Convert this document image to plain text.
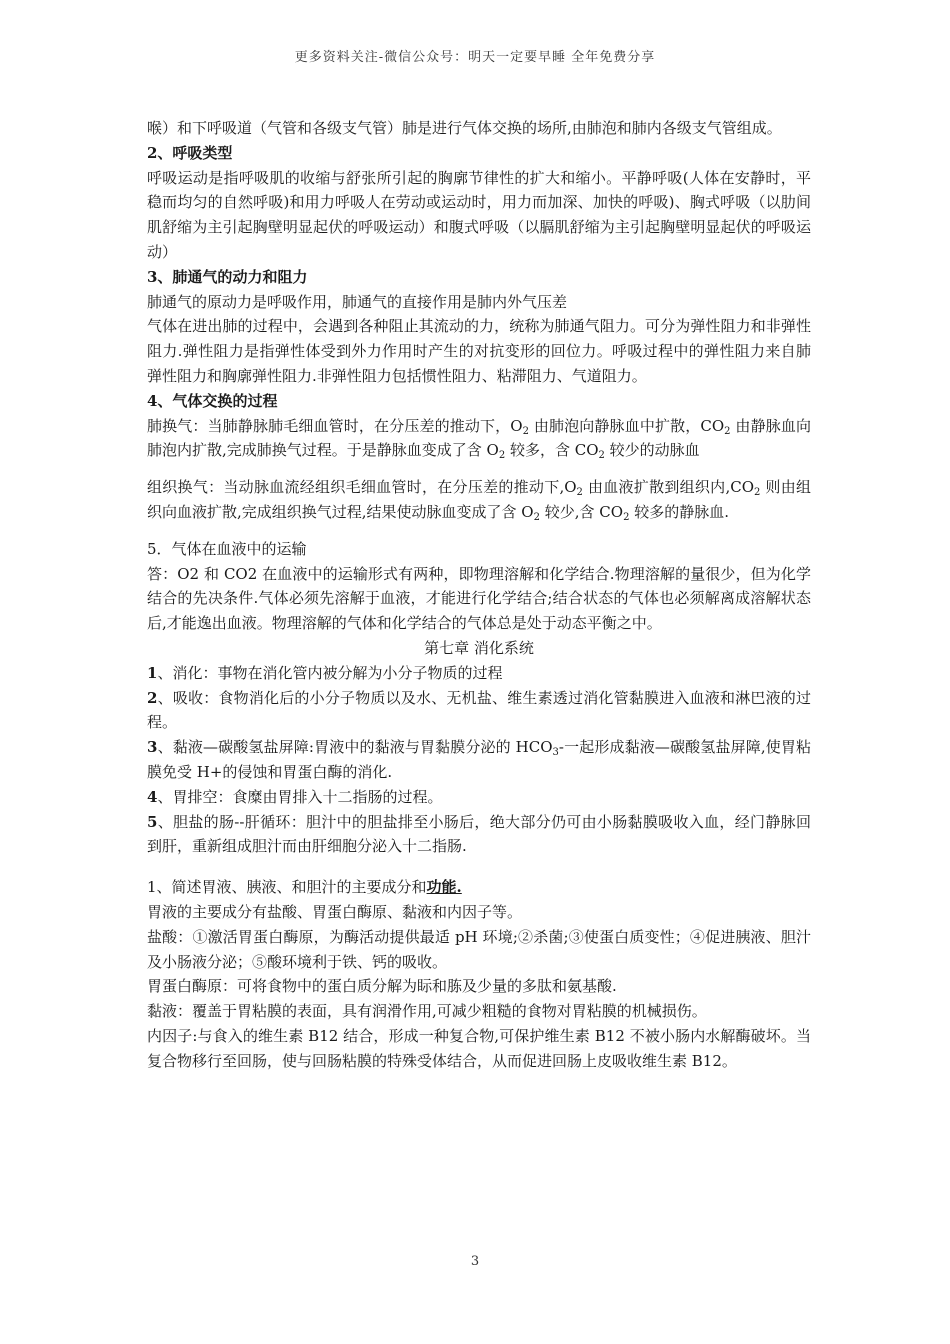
更多资料关注-微信公众号：明天一定要早睡 全年免费分享

喉）和下呼吸道（气管和各级支气管）肺是进行气体交换的场所,由肺泡和肺内各级支气管组成。

2、呼吸类型

呼吸运动是指呼吸肌的收缩与舒张所引起的胸廓节律性的扩大和缩小。平静呼吸(人体在安静时，平稳而均匀的自然呼吸)和用力呼吸人在劳动或运动时，用力而加深、加快的呼吸)、胸式呼吸（以肋间肌舒缩为主引起胸壁明显起伏的呼吸运动）和腹式呼吸（以膈肌舒缩为主引起胸壁明显起伏的呼吸运动）

3、肺通气的动力和阻力

肺通气的原动力是呼吸作用，肺通气的直接作用是肺内外气压差

气体在进出肺的过程中，会遇到各种阻止其流动的力，统称为肺通气阻力。可分为弹性阻力和非弹性阻力.弹性阻力是指弹性体受到外力作用时产生的对抗变形的回位力。呼吸过程中的弹性阻力来自肺弹性阻力和胸廓弹性阻力.非弹性阻力包括惯性阻力、粘滞阻力、气道阻力。

4、气体交换的过程

肺换气：当肺静脉肺毛细血管时，在分压差的推动下，$O_2$ 由肺泡向静脉血中扩散，$CO_2$ 由静脉血向肺泡内扩散,完成肺换气过程。于是静脉血变成了含 $O_2$ 较多，含 $CO_2$ 较少的动脉血

组织换气：当动脉血流经组织毛细血管时，在分压差的推动下$,O_2$ 由血液扩散到组织内$,CO_2$ 则由组织向血液扩散,完成组织换气过程,结果使动脉血变成了含 $O_2$ 较少,含 $CO_2$ 较多的静脉血.

5．气体在血液中的运输

答：O2 和 CO2 在血液中的运输形式有两种，即物理溶解和化学结合.物理溶解的量很少，但为化学结合的先决条件.气体必须先溶解于血液，才能进行化学结合;结合状态的气体也必须解离成溶解状态后,才能逸出血液。物理溶解的气体和化学结合的气体总是处于动态平衡之中。

第七章 消化系统

1、消化：事物在消化管内被分解为小分子物质的过程

2、吸收：食物消化后的小分子物质以及水、无机盐、维生素透过消化管黏膜进入血液和淋巴液的过程。

3、黏液—碳酸氢盐屏障:胃液中的黏液与胃黏膜分泌的 $HCO_3-$一起形成黏液—碳酸氢盐屏障,使胃粘膜免受 H+的侵蚀和胃蛋白酶的消化.

4、胃排空：食糜由胃排入十二指肠的过程。

5、胆盐的肠--肝循环：胆汁中的胆盐排至小肠后，绝大部分仍可由小肠黏膜吸收入血，经门静脉回到肝，重新组成胆汁而由肝细胞分泌入十二指肠.

1、简述胃液、胰液、和胆汁的主要成分和功能.

胃液的主要成分有盐酸、胃蛋白酶原、黏液和内因子等。

盐酸：①激活胃蛋白酶原，为酶活动提供最适 pH 环境;②杀菌;③使蛋白质变性；④促进胰液、胆汁及小肠液分泌；⑤酸环境利于铁、钙的吸收。

胃蛋白酶原：可将食物中的蛋白质分解为眎和胨及少量的多肽和氨基酸.

黏液：覆盖于胃粘膜的表面，具有润滑作用,可减少粗糙的食物对胃粘膜的机械损伤。

内因子:与食入的维生素 B12 结合，形成一种复合物,可保护维生素 B12 不被小肠内水解酶破坏。当复合物移行至回肠，使与回肠粘膜的特殊受体结合，从而促进回肠上皮吸收维生素 B12。

3
